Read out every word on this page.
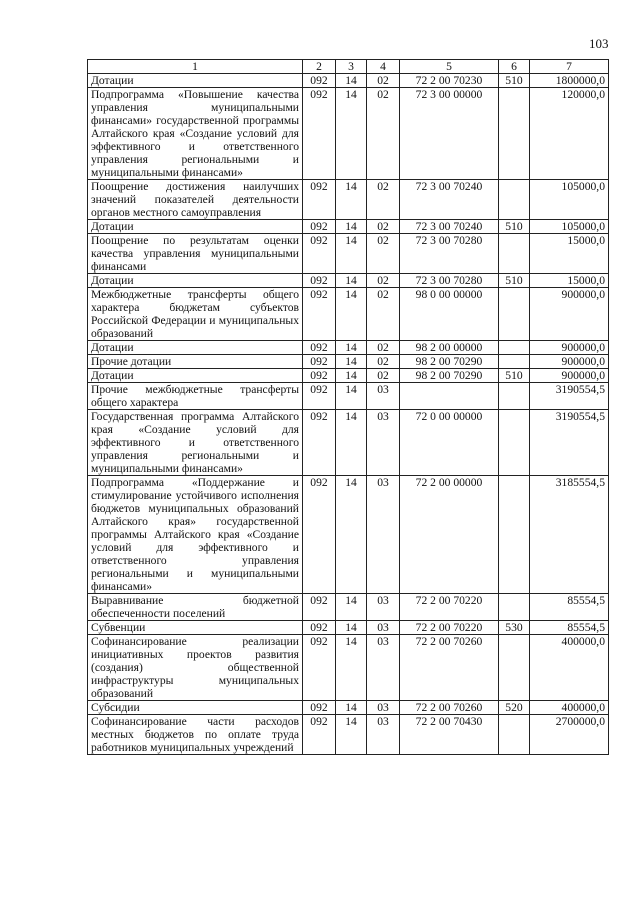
103
1	2	3	4	5	6	7
Дотации	092	14	02	72 2 00 70230	510	1800000,0
Подпрограмма «Повышение качества управления муниципальными финансами» государственной программы Алтайского края «Создание условий для эффективного и ответственного управления региональными и муниципальными финансами»	092	14	02	72 3 00 00000		120000,0
Поощрение достижения наилучших значений показателей деятельности органов местного самоуправления	092	14	02	72 3 00 70240		105000,0
Дотации	092	14	02	72 3 00 70240	510	105000,0
Поощрение по результатам оценки качества управления муниципальными финансами	092	14	02	72 3 00 70280		15000,0
Дотации	092	14	02	72 3 00 70280	510	15000,0
Межбюджетные трансферты общего характера бюджетам субъектов Российской Федерации и муниципальных образований	092	14	02	98 0 00 00000		900000,0
Дотации	092	14	02	98 2 00 00000		900000,0
Прочие дотации	092	14	02	98 2 00 70290		900000,0
Дотации	092	14	02	98 2 00 70290	510	900000,0
Прочие межбюджетные трансферты общего характера	092	14	03			3190554,5
Государственная программа Алтайского края «Создание условий для эффективного и ответственного управления региональными и муниципальными финансами»	092	14	03	72 0 00 00000		3190554,5
Подпрограмма «Поддержание и стимулирование устойчивого исполнения бюджетов муниципальных образований Алтайского края» государственной программы Алтайского края «Создание условий для эффективного и ответственного управления региональными и муниципальными финансами»	092	14	03	72 2 00 00000		3185554,5
Выравнивание бюджетной обеспеченности поселений	092	14	03	72 2 00 70220		85554,5
Субвенции	092	14	03	72 2 00 70220	530	85554,5
Софинансирование реализации инициативных проектов развития (создания) общественной инфраструктуры муниципальных образований	092	14	03	72 2 00 70260		400000,0
Субсидии	092	14	03	72 2 00 70260	520	400000,0
Софинансирование части расходов местных бюджетов по оплате труда работников муниципальных учреждений	092	14	03	72 2 00 70430		2700000,0
